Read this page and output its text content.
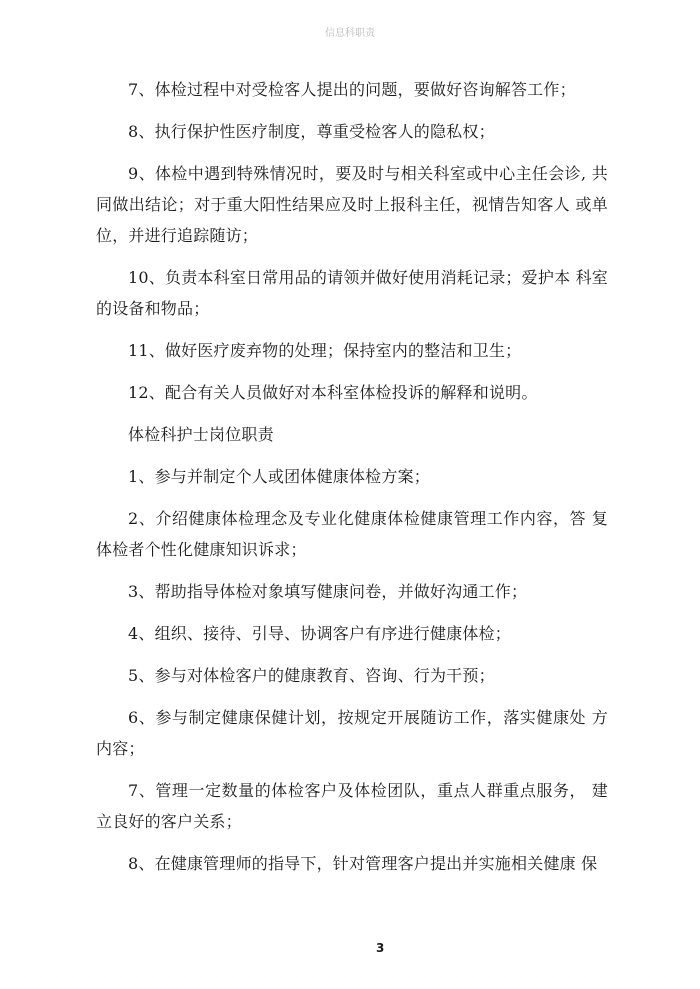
信息科职责

7、体检过程中对受检客人提出的问题，要做好咨询解答工作；

8、执行保护性医疗制度，尊重受检客人的隐私权；

9、体检中遇到特殊情况时，要及时与相关科室或中心主任会诊, 共同做出结论；对于重大阳性结果应及时上报科主任，视情告知客人 或单位，并进行追踪随访；

10、负责本科室日常用品的请领并做好使用消耗记录；爱护本 科室的设备和物品；

11、做好医疗废弃物的处理；保持室内的整洁和卫生；

12、配合有关人员做好对本科室体检投诉的解释和说明。

体检科护士岗位职责

1、参与并制定个人或团体健康体检方案；

2、介绍健康体检理念及专业化健康体检健康管理工作内容，答 复体检者个性化健康知识诉求；

3、帮助指导体检对象填写健康问卷，并做好沟通工作；

4、组织、接待、引导、协调客户有序进行健康体检；

5、参与对体检客户的健康教育、咨询、行为干预；

6、参与制定健康保健计划，按规定开展随访工作，落实健康处 方内容；

7、管理一定数量的体检客户及体检团队，重点人群重点服务， 建立良好的客户关系；

8、在健康管理师的指导下，针对管理客户提出并实施相关健康 保

3
